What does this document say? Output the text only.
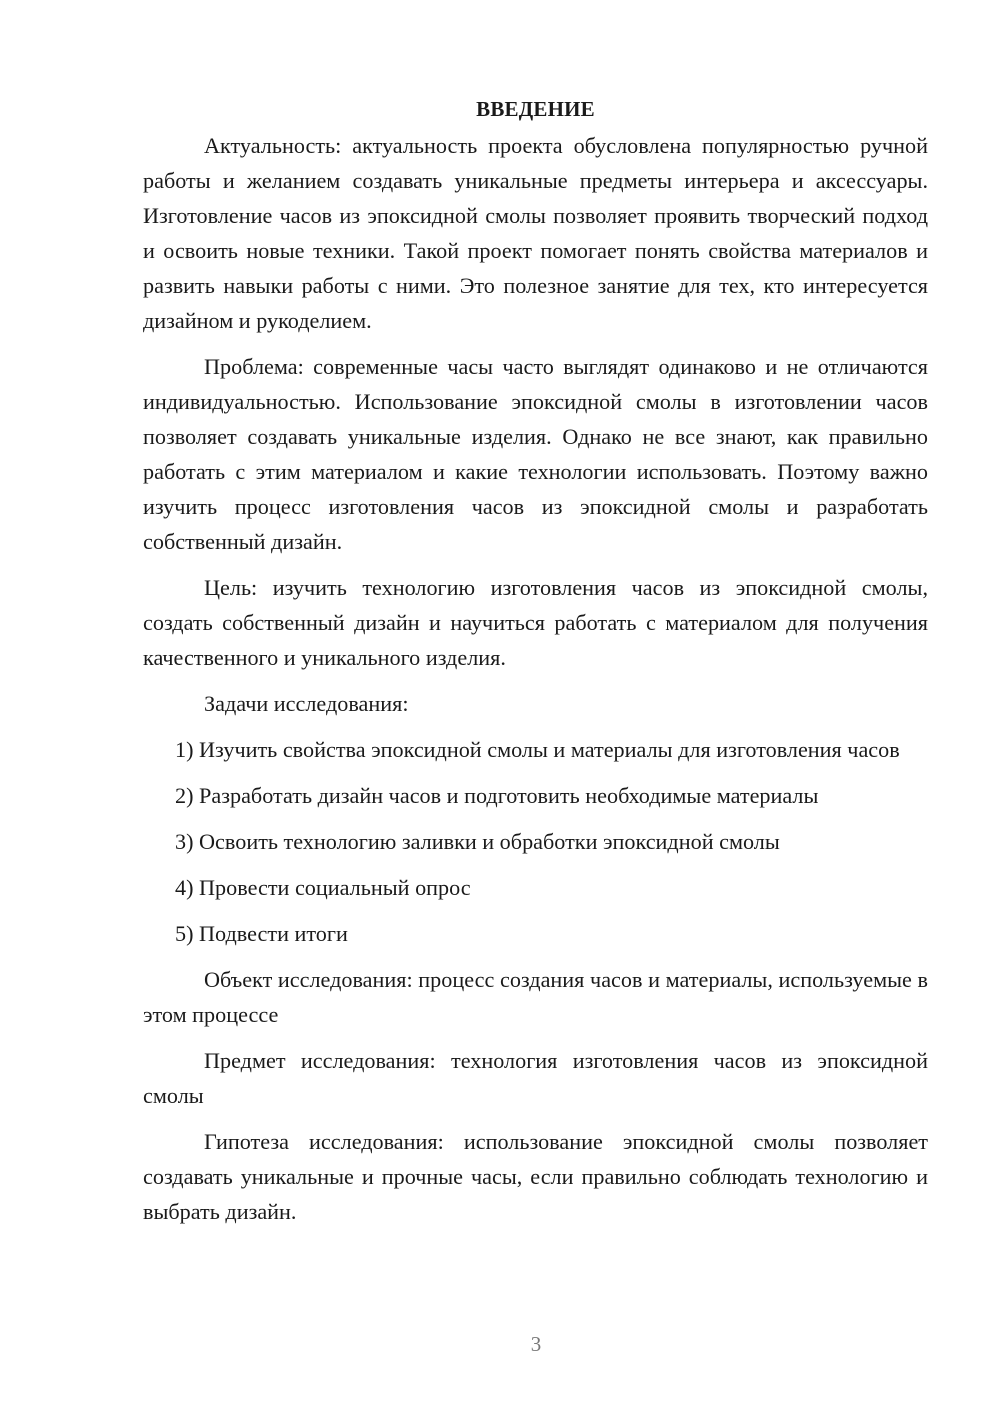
ВВЕДЕНИЕ

Актуальность: актуальность проекта обусловлена популярностью ручной работы и желанием создавать уникальные предметы интерьера и аксессуары. Изготовление часов из эпоксидной смолы позволяет проявить творческий подход и освоить новые техники. Такой проект помогает понять свойства материалов и развить навыки работы с ними. Это полезное занятие для тех, кто интересуется дизайном и рукоделием.

Проблема: современные часы часто выглядят одинаково и не отличаются индивидуальностью. Использование эпоксидной смолы в изготовлении часов позволяет создавать уникальные изделия. Однако не все знают, как правильно работать с этим материалом и какие технологии использовать. Поэтому важно изучить процесс изготовления часов из эпоксидной смолы и разработать собственный дизайн.

Цель: изучить технологию изготовления часов из эпоксидной смолы, создать собственный дизайн и научиться работать с материалом для получения качественного и уникального изделия.

Задачи исследования:

1) Изучить свойства эпоксидной смолы и материалы для изготовления часов

2) Разработать дизайн часов и подготовить необходимые материалы

3) Освоить технологию заливки и обработки эпоксидной смолы

4) Провести социальный опрос

5) Подвести итоги

Объект исследования: процесс создания часов и материалы, используемые в этом процессе

Предмет исследования: технология изготовления часов из эпоксидной смолы

Гипотеза исследования: использование эпоксидной смолы позволяет создавать уникальные и прочные часы, если правильно соблюдать технологию и выбрать дизайн.

3
